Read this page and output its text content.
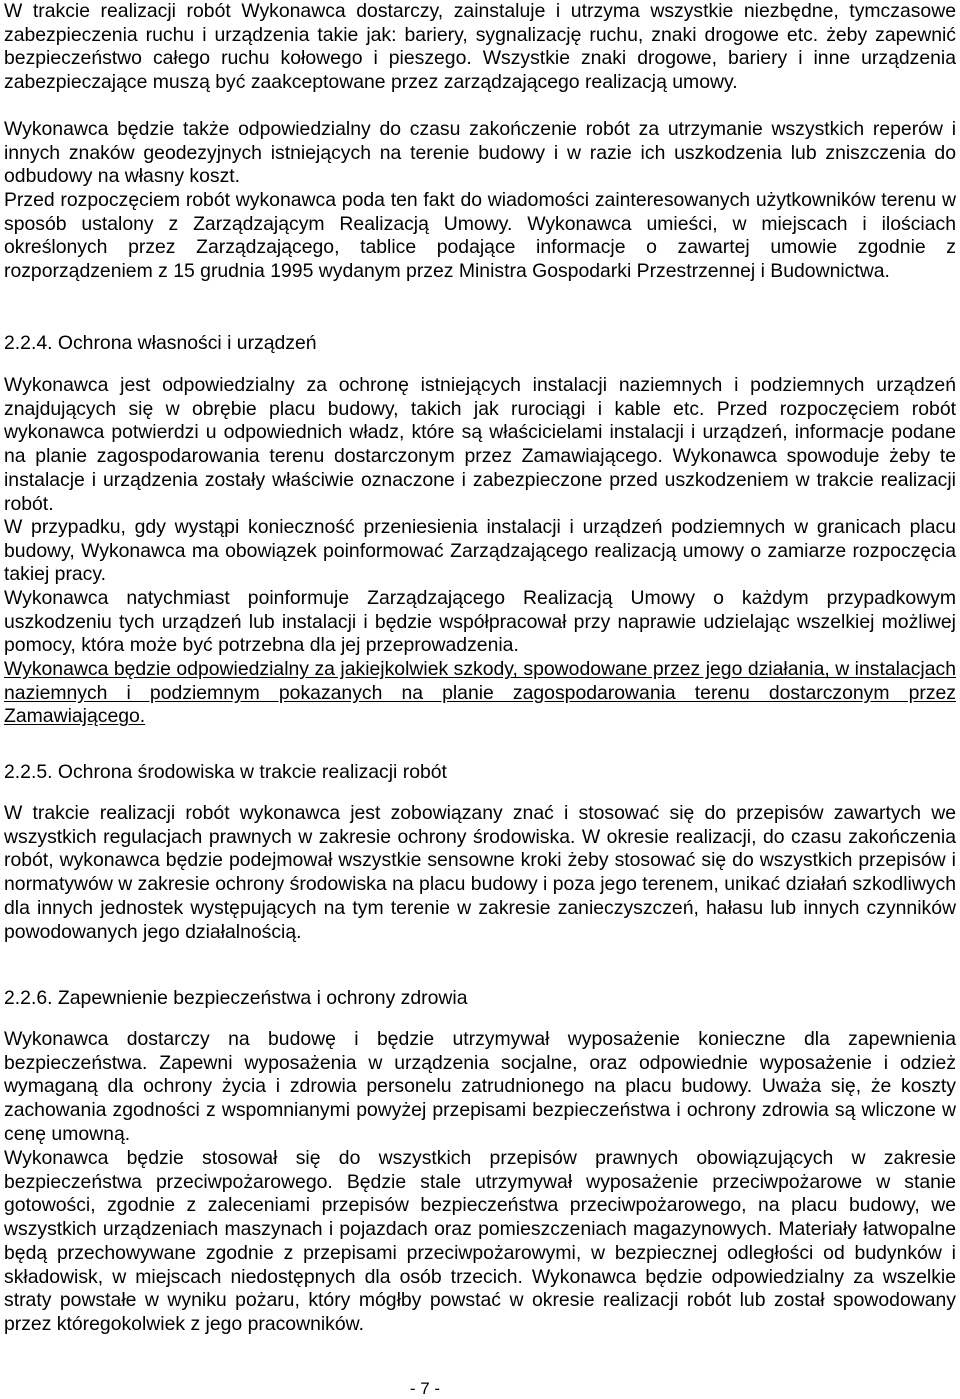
W trakcie realizacji robót Wykonawca dostarczy, zainstaluje i utrzyma wszystkie niezbędne, tymczasowe zabezpieczenia ruchu i urządzenia takie jak: bariery, sygnalizację ruchu, znaki drogowe etc. żeby zapewnić bezpieczeństwo całego ruchu kołowego i pieszego. Wszystkie znaki drogowe, bariery i inne urządzenia zabezpieczające muszą być zaakceptowane przez zarządzającego realizacją umowy.

Wykonawca będzie także odpowiedzialny do czasu zakończenie robót za utrzymanie wszystkich reperów i innych znaków geodezyjnych istniejących na terenie budowy i w razie ich uszkodzenia lub zniszczenia do odbudowy na własny koszt.

Przed rozpoczęciem robót wykonawca poda ten fakt do wiadomości zainteresowanych użytkowników terenu w sposób ustalony z Zarządzającym Realizacją Umowy. Wykonawca umieści, w miejscach i ilościach określonych przez Zarządzającego, tablice podające informacje o zawartej umowie zgodnie z rozporządzeniem z 15 grudnia 1995 wydanym przez Ministra Gospodarki Przestrzennej i Budownictwa.

2.2.4. Ochrona własności i urządzeń

Wykonawca jest odpowiedzialny za ochronę istniejących instalacji naziemnych i podziemnych urządzeń znajdujących się w obrębie placu budowy, takich jak rurociągi i kable etc. Przed rozpoczęciem robót wykonawca potwierdzi u odpowiednich władz, które są właścicielami instalacji i urządzeń, informacje podane na planie zagospodarowania terenu dostarczonym przez Zamawiającego. Wykonawca spowoduje żeby te instalacje i urządzenia zostały właściwie oznaczone i zabezpieczone przed uszkodzeniem w trakcie realizacji robót.

W przypadku, gdy wystąpi konieczność przeniesienia instalacji i urządzeń podziemnych w granicach placu budowy, Wykonawca ma obowiązek poinformować Zarządzającego realizacją umowy o zamiarze rozpoczęcia takiej pracy.

Wykonawca natychmiast poinformuje Zarządzającego Realizacją Umowy o każdym przypadkowym uszkodzeniu tych urządzeń lub instalacji i będzie współpracował przy naprawie udzielając wszelkiej możliwej pomocy, która może być potrzebna dla jej przeprowadzenia.

Wykonawca będzie odpowiedzialny za jakiejkolwiek szkody, spowodowane przez jego działania, w instalacjach naziemnych i podziemnym pokazanych na planie zagospodarowania terenu dostarczonym przez Zamawiającego.

2.2.5. Ochrona środowiska w trakcie realizacji robót

W trakcie realizacji robót wykonawca jest zobowiązany znać i stosować się do przepisów zawartych we wszystkich regulacjach prawnych w zakresie ochrony środowiska. W okresie realizacji, do czasu zakończenia robót, wykonawca będzie podejmował wszystkie sensowne kroki żeby stosować się do wszystkich przepisów i normatywów w zakresie ochrony środowiska na placu budowy i poza jego terenem, unikać działań szkodliwych dla innych jednostek występujących na tym terenie w zakresie zanieczyszczeń, hałasu lub innych czynników powodowanych jego działalnością.

2.2.6. Zapewnienie bezpieczeństwa i ochrony zdrowia

Wykonawca dostarczy na budowę i będzie utrzymywał wyposażenie konieczne dla zapewnienia bezpieczeństwa. Zapewni wyposażenia w urządzenia socjalne, oraz odpowiednie wyposażenie i odzież wymaganą dla ochrony życia i zdrowia personelu zatrudnionego na placu budowy. Uważa się, że koszty zachowania zgodności z wspomnianymi powyżej przepisami bezpieczeństwa i ochrony zdrowia są wliczone w cenę umowną.

Wykonawca będzie stosował się do wszystkich przepisów prawnych obowiązujących w zakresie bezpieczeństwa przeciwpożarowego. Będzie stale utrzymywał wyposażenie przeciwpożarowe w stanie gotowości, zgodnie z zaleceniami przepisów bezpieczeństwa przeciwpożarowego, na placu budowy, we wszystkich urządzeniach maszynach i pojazdach oraz pomieszczeniach magazynowych. Materiały łatwopalne będą przechowywane zgodnie z przepisami przeciwpożarowymi, w bezpiecznej odległości od budynków i składowisk, w miejscach niedostępnych dla osób trzecich. Wykonawca będzie odpowiedzialny za wszelkie straty powstałe w wyniku pożaru, który mógłby powstać w okresie realizacji robót lub został spowodowany przez któregokolwiek z jego pracowników.

- 7 -
